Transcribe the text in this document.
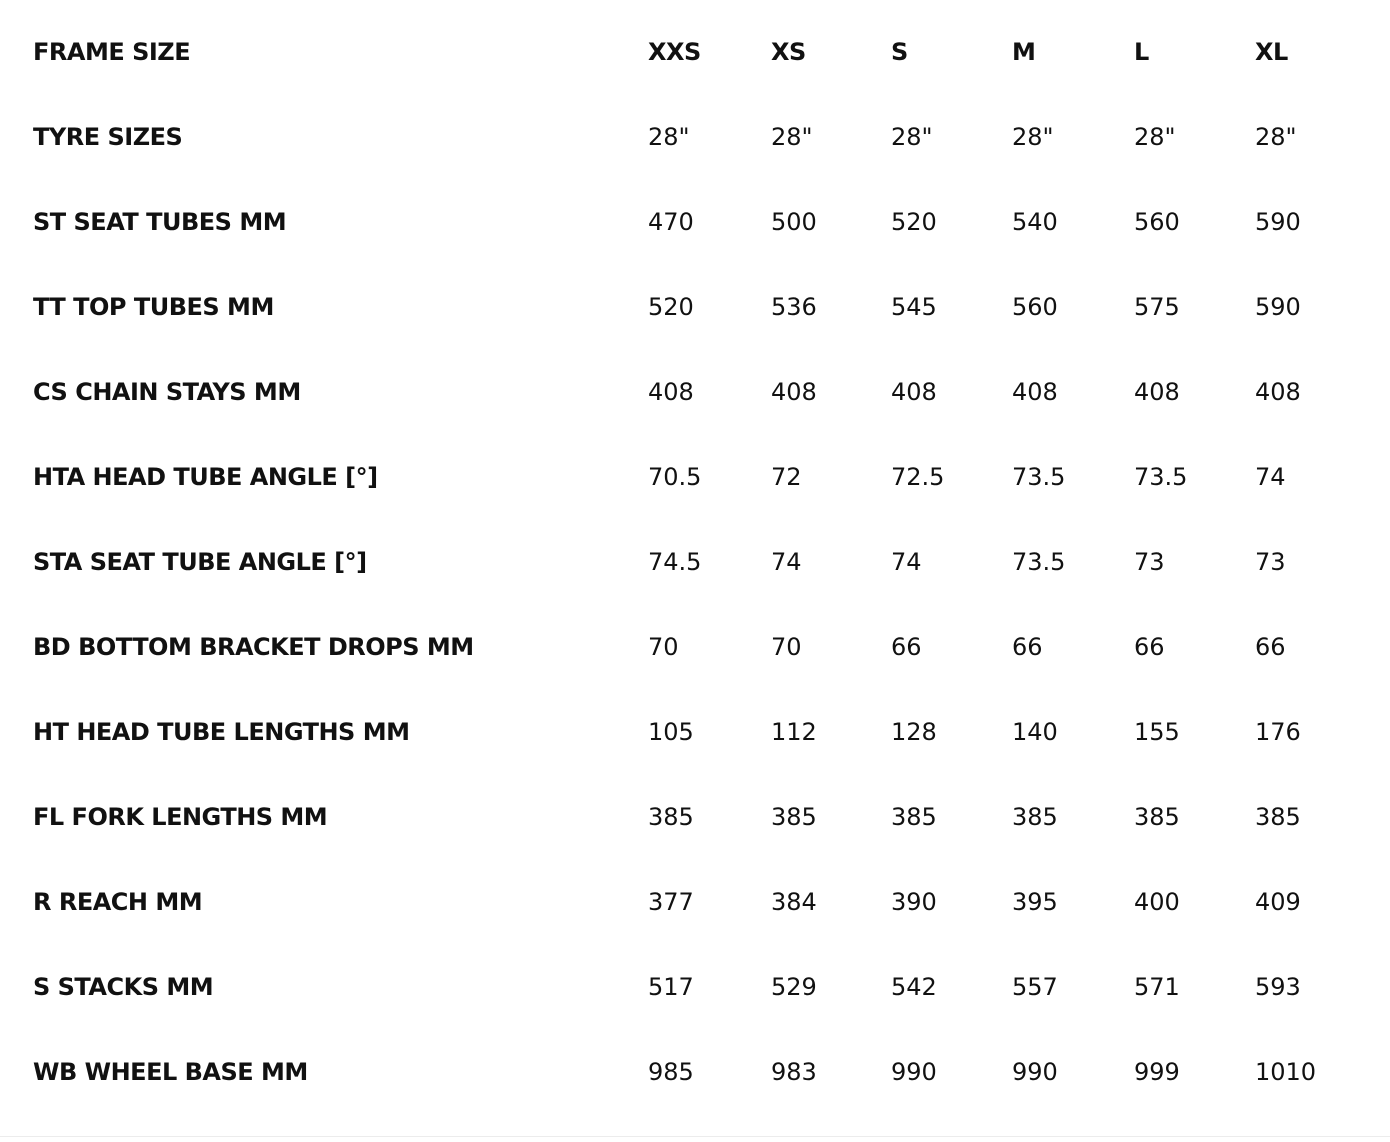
FRAME SIZE	XXS	XS	S	M	L	XL
TYRE SIZES	28"	28"	28"	28"	28"	28"
ST SEAT TUBES MM	470	500	520	540	560	590
TT TOP TUBES MM	520	536	545	560	575	590
CS CHAIN STAYS MM	408	408	408	408	408	408
HTA HEAD TUBE ANGLE [°]	70.5	72	72.5	73.5	73.5	74
STA SEAT TUBE ANGLE [°]	74.5	74	74	73.5	73	73
BD BOTTOM BRACKET DROPS MM	70	70	66	66	66	66
HT HEAD TUBE LENGTHS MM	105	112	128	140	155	176
FL FORK LENGTHS MM	385	385	385	385	385	385
R REACH MM	377	384	390	395	400	409
S STACKS MM	517	529	542	557	571	593
WB WHEEL BASE MM	985	983	990	990	999	1010
